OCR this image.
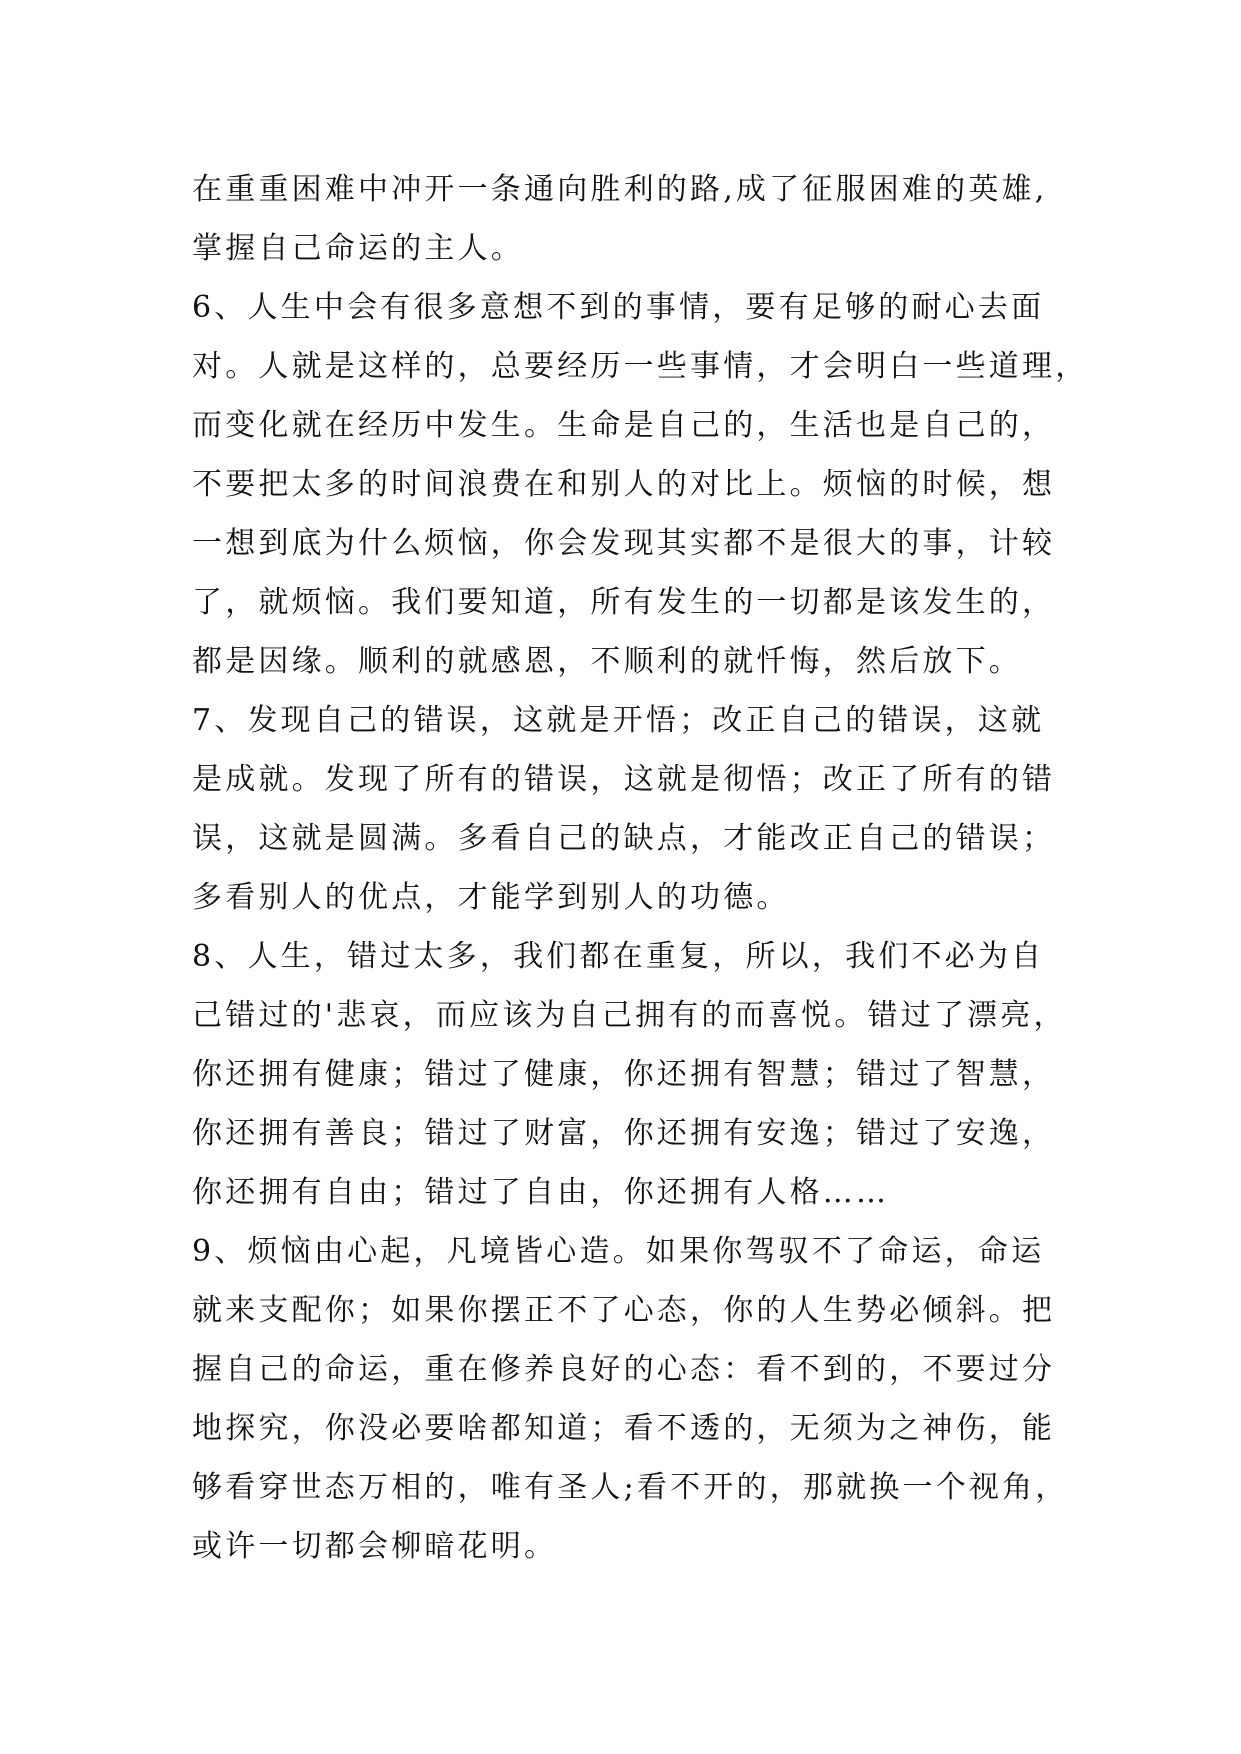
在重重困难中冲开一条通向胜利的路,成了征服困难的英雄,
掌握自己命运的主人。
6、人生中会有很多意想不到的事情，要有足够的耐心去面
对。人就是这样的，总要经历一些事情，才会明白一些道理，
而变化就在经历中发生。生命是自己的，生活也是自己的，
不要把太多的时间浪费在和别人的对比上。烦恼的时候，想
一想到底为什么烦恼，你会发现其实都不是很大的事，计较
了，就烦恼。我们要知道，所有发生的一切都是该发生的，
都是因缘。顺利的就感恩，不顺利的就忏悔，然后放下。
7、发现自己的错误，这就是开悟；改正自己的错误，这就
是成就。发现了所有的错误，这就是彻悟；改正了所有的错
误，这就是圆满。多看自己的缺点，才能改正自己的错误；
多看别人的优点，才能学到别人的功德。
8、人生，错过太多，我们都在重复，所以，我们不必为自
己错过的'悲哀，而应该为自己拥有的而喜悦。错过了漂亮，
你还拥有健康；错过了健康，你还拥有智慧；错过了智慧，
你还拥有善良；错过了财富，你还拥有安逸；错过了安逸，
你还拥有自由；错过了自由，你还拥有人格……
9、烦恼由心起，凡境皆心造。如果你驾驭不了命运，命运
就来支配你；如果你摆正不了心态，你的人生势必倾斜。把
握自己的命运，重在修养良好的心态：看不到的，不要过分
地探究，你没必要啥都知道；看不透的，无须为之神伤，能
够看穿世态万相的，唯有圣人;看不开的，那就换一个视角，
或许一切都会柳暗花明。
